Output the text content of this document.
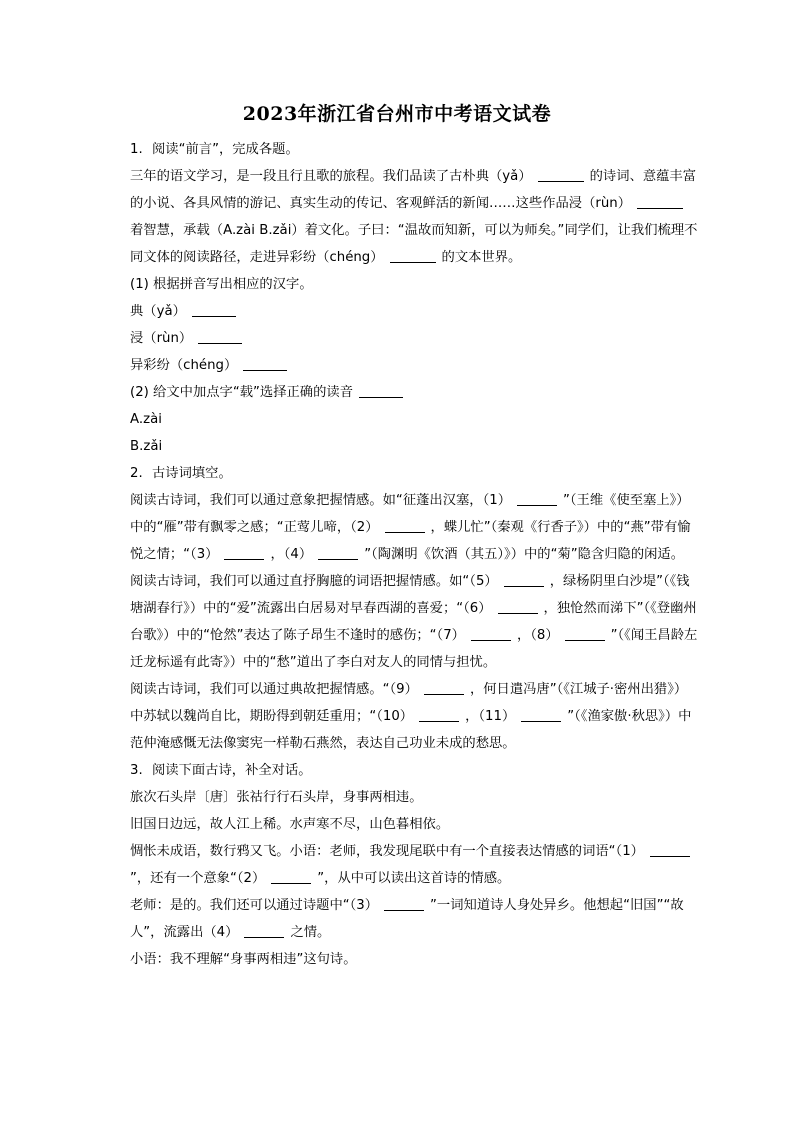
2023年浙江省台州市中考语文试卷

1. 阅读“前言”，完成各题。

三年的语文学习，是一段且行且歌的旅程。我们品读了古朴典（yǎ）	的诗词、意蕴丰富的小说、各具风情的游记、真实生动的传记、客观鲜活的新闻……这些作品浸（rùn）着智慧，承载（A.zài B.zǎi）着文化。子曰：“温故而知新，可以为师矣。”同学们，让我们梳理不同文体的阅读路径，走进异彩纷（chéng）	的文本世界。

(1) 根据拼音写出相应的汉字。

典（yǎ）

浸（rùn）

异彩纷（chéng）

(2) 给文中加点字“载”选择正确的读音

A.zài

B.zǎi

2. 古诗词填空。

阅读古诗词，我们可以通过意象把握情感。如“征蓬出汉塞，（1）	”（王维《使至塞上》）中的“雁”带有飘零之感；“正莺儿啼，（2）	，蝶儿忙”（秦观《行香子》）中的“燕”带有愉悦之情；“（3）	，（4）	”（陶渊明《饮酒（其五）》）中的“菊”隐含归隐的闲适。

阅读古诗词，我们可以通过直抒胸臆的词语把握情感。如“（5）	，绿杨阴里白沙堤”（《钱塘湖春行》）中的“爱”流露出白居易对早春西湖的喜爱；“（6）	，独怆然而涕下”（《登幽州台歌》）中的“怆然”表达了陈子昂生不逢时的感伤；“（7）	，（8）	”（《闻王昌龄左迁龙标遥有此寄》）中的“愁”道出了李白对友人的同情与担忧。

阅读古诗词，我们可以通过典故把握情感。“（9）	，何日遣冯唐”（《江城子·密州出猎》）中苏轼以魏尚自比，期盼得到朝廷重用；“（10）	，（11）	”（《渔家傲·秋思》）中范仲淹感慨无法像窦宪一样勒石燕然，表达自己功业未成的愁思。

3. 阅读下面古诗，补全对话。

旅次石头岸〔唐〕张祜行行石头岸，身事两相违。

旧国日边远，故人江上稀。水声寒不尽，山色暮相依。

惆怅未成语，数行鸦又飞。小语：老师，我发现尾联中有一个直接表达情感的词语“（1）”，还有一个意象“（2）	”，从中可以读出这首诗的情感。

老师：是的。我们还可以通过诗题中“（3）	”一词知道诗人身处异乡。他想起“旧国”“故人”，流露出（4）	之情。

小语：我不理解“身事两相违”这句诗。
